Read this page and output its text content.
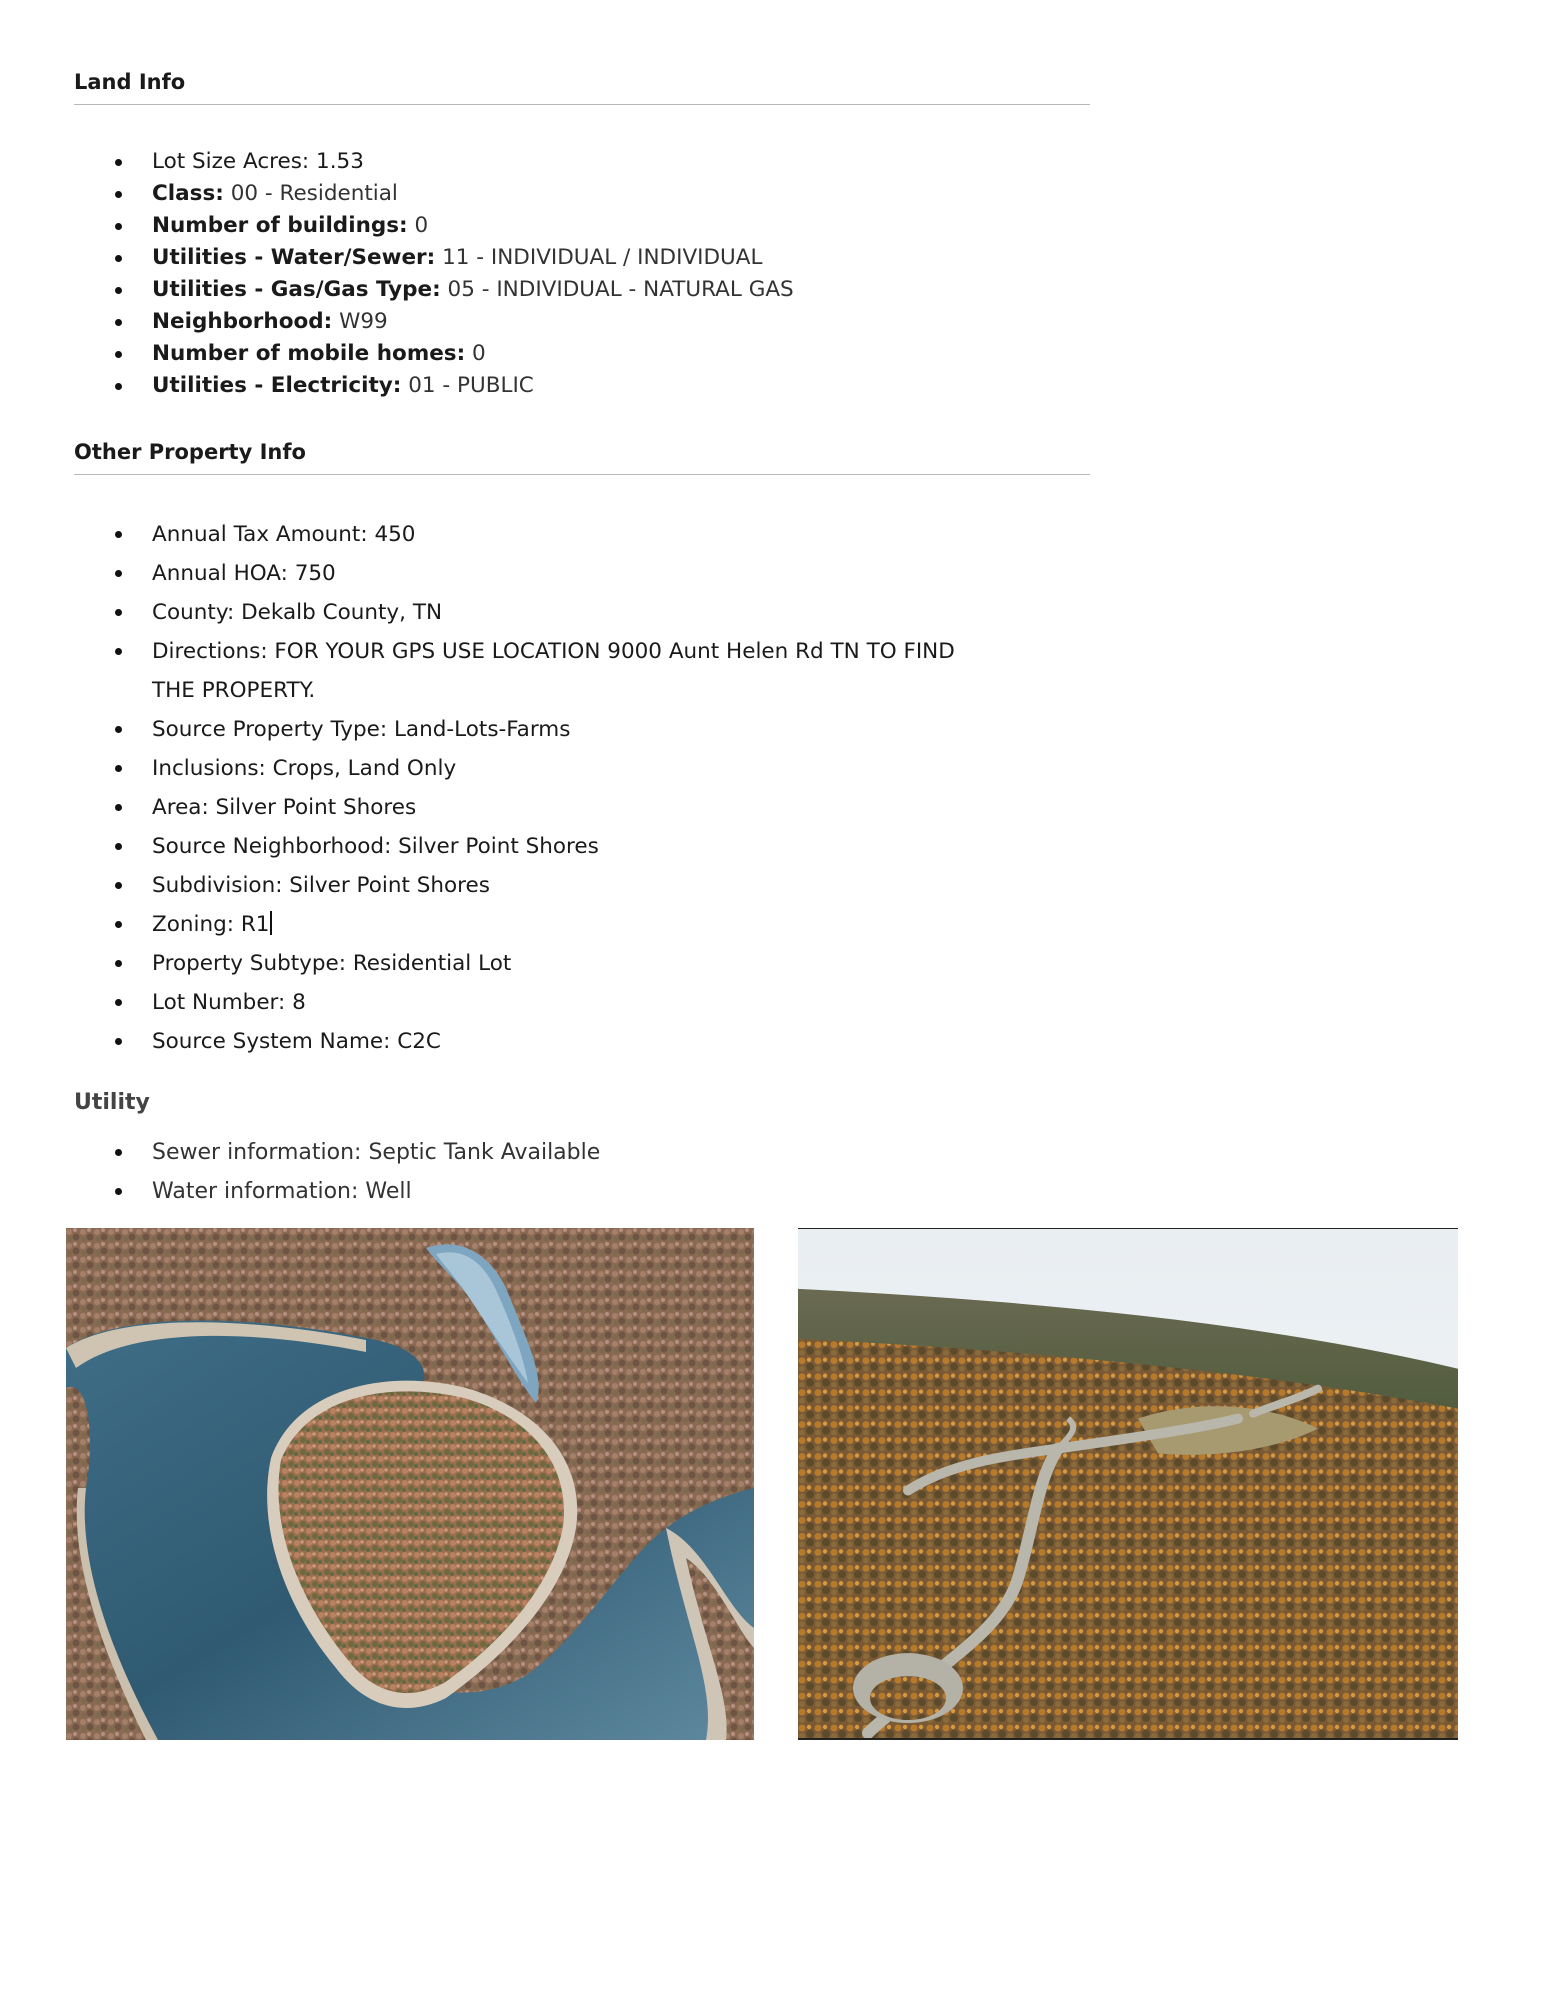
Land Info
Lot Size Acres: 1.53
Class: 00 - Residential
Number of buildings: 0
Utilities - Water/Sewer: 11 - INDIVIDUAL / INDIVIDUAL
Utilities - Gas/Gas Type: 05 - INDIVIDUAL - NATURAL GAS
Neighborhood: W99
Number of mobile homes: 0
Utilities - Electricity: 01 - PUBLIC
Other Property Info
Annual Tax Amount: 450
Annual HOA: 750
County: Dekalb County, TN
Directions: FOR YOUR GPS USE LOCATION 9000 Aunt Helen Rd TN TO FIND THE PROPERTY.
Source Property Type: Land-Lots-Farms
Inclusions: Crops, Land Only
Area: Silver Point Shores
Source Neighborhood: Silver Point Shores
Subdivision: Silver Point Shores
Zoning: R1
Property Subtype: Residential Lot
Lot Number: 8
Source System Name: C2C
Utility
Sewer information: Septic Tank Available
Water information: Well
